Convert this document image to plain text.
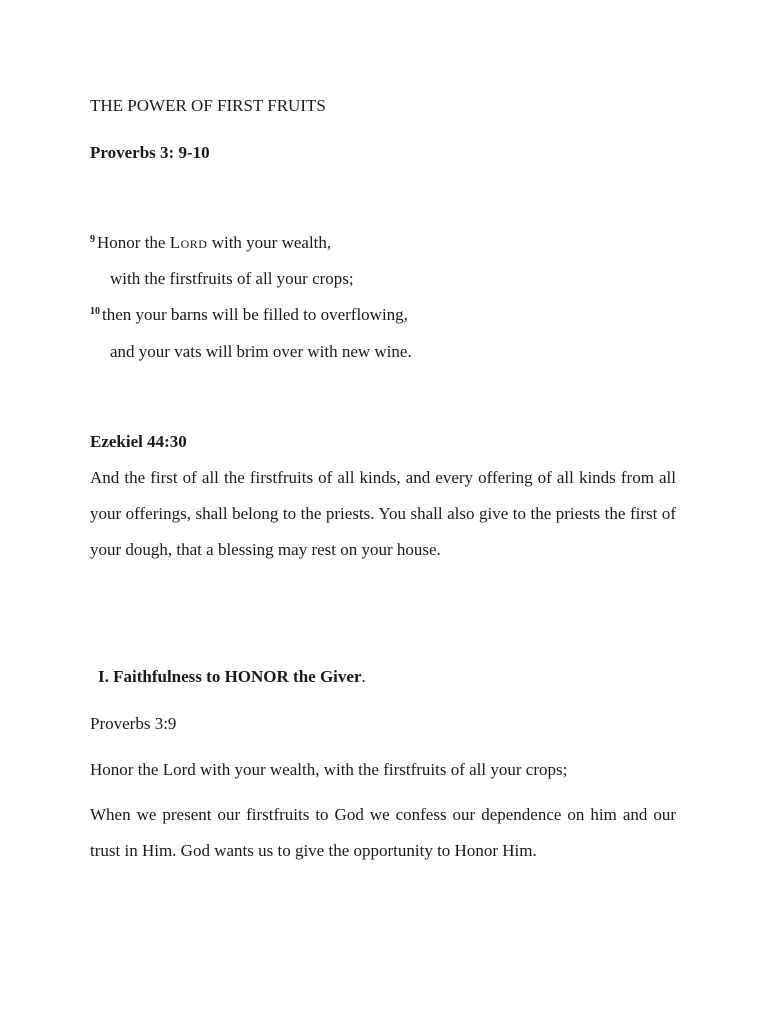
THE POWER OF FIRST FRUITS
Proverbs 3: 9-10
$^9$ Honor the Lord with your wealth,
with the firstfruits of all your crops;
$^{10}$ then your barns will be filled to overflowing,
and your vats will brim over with new wine.
Ezekiel 44:30
And the first of all the firstfruits of all kinds, and every offering of all kinds from all your offerings, shall belong to the priests. You shall also give to the priests the first of your dough, that a blessing may rest on your house.
I. Faithfulness to HONOR the Giver.
Proverbs 3:9
Honor the Lord with your wealth, with the firstfruits of all your crops;
When we present our firstfruits to God we confess our dependence on him and our trust in Him. God wants us to give the opportunity to Honor Him.
